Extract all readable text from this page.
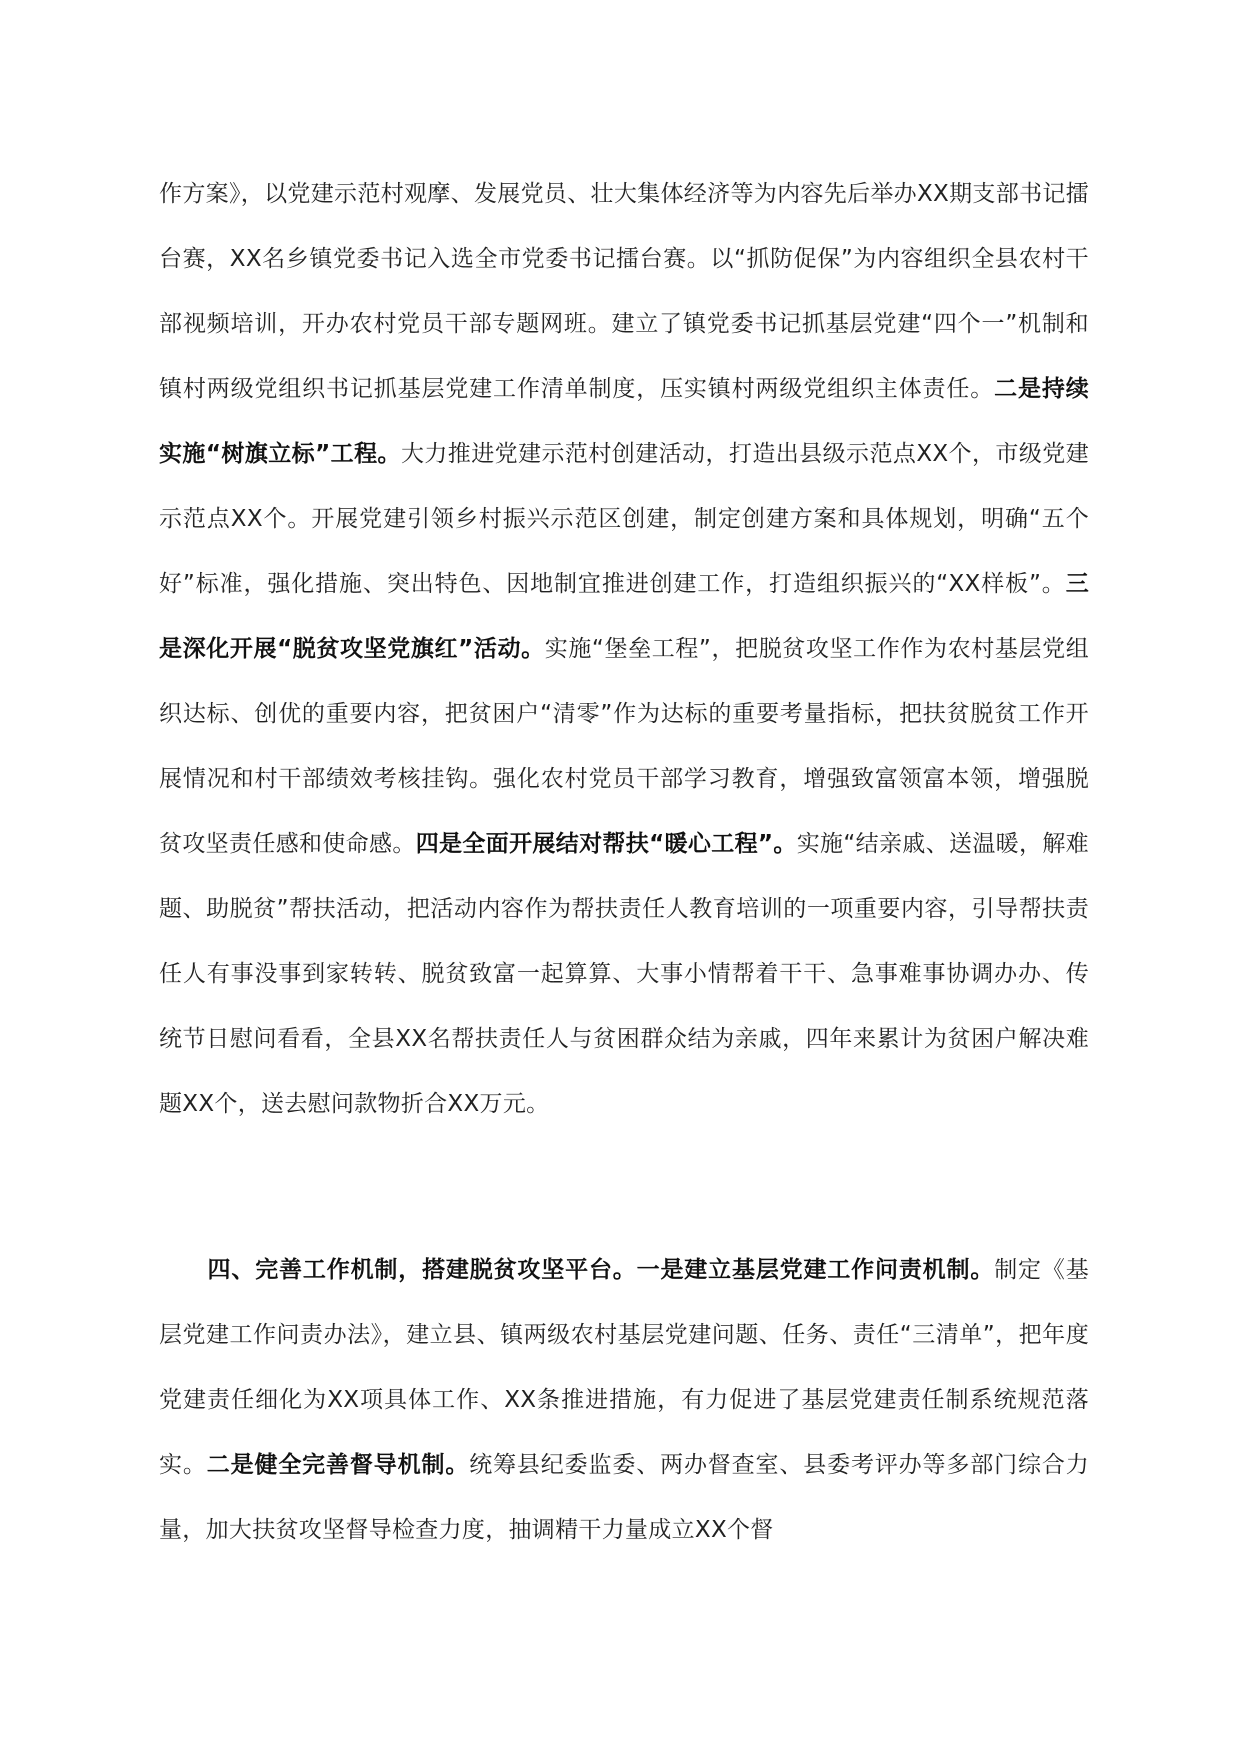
作方案》，以党建示范村观摩、发展党员、壮大集体经济等为内容先后举办XX期支部书记擂台赛，XX名乡镇党委书记入选全市党委书记擂台赛。以“抓防促保”为内容组织全县农村干部视频培训，开办农村党员干部专题网班。建立了镇党委书记抓基层党建“四个一”机制和镇村两级党组织书记抓基层党建工作清单制度，压实镇村两级党组织主体责任。二是持续实施“树旗立标”工程。大力推进党建示范村创建活动，打造出县级示范点XX个，市级党建示范点XX个。开展党建引领乡村振兴示范区创建，制定创建方案和具体规划，明确“五个好”标准，强化措施、突出特色、因地制宜推进创建工作，打造组织振兴的“XX样板”。三是深化开展“脱贫攻坚党旗红”活动。实施“堡垒工程”，把脱贫攻坚工作作为农村基层党组织达标、创优的重要内容，把贫困户“清零”作为达标的重要考量指标，把扶贫脱贫工作开展情况和村干部绩效考核挂钩。强化农村党员干部学习教育，增强致富领富本领，增强脱贫攻坚责任感和使命感。四是全面开展结对帮扶“暖心工程”。实施“结亲戚、送温暖，解难题、助脱贫”帮扶活动，把活动内容作为帮扶责任人教育培训的一项重要内容，引导帮扶责任人有事没事到家转转、脱贫致富一起算算、大事小情帮着干干、急事难事协调办办、传统节日慰问看看，全县XX名帮扶责任人与贫困群众结为亲戚，四年来累计为贫困户解决难题XX个，送去慰问款物折合XX万元。

四、完善工作机制，搭建脱贫攻坚平台。一是建立基层党建工作问责机制。制定《基层党建工作问责办法》，建立县、镇两级农村基层党建问题、任务、责任“三清单”，把年度党建责任细化为XX项具体工作、XX条推进措施，有力促进了基层党建责任制系统规范落实。二是健全完善督导机制。统筹县纪委监委、两办督查室、县委考评办等多部门综合力量，加大扶贫攻坚督导检查力度，抽调精干力量成立XX个督
